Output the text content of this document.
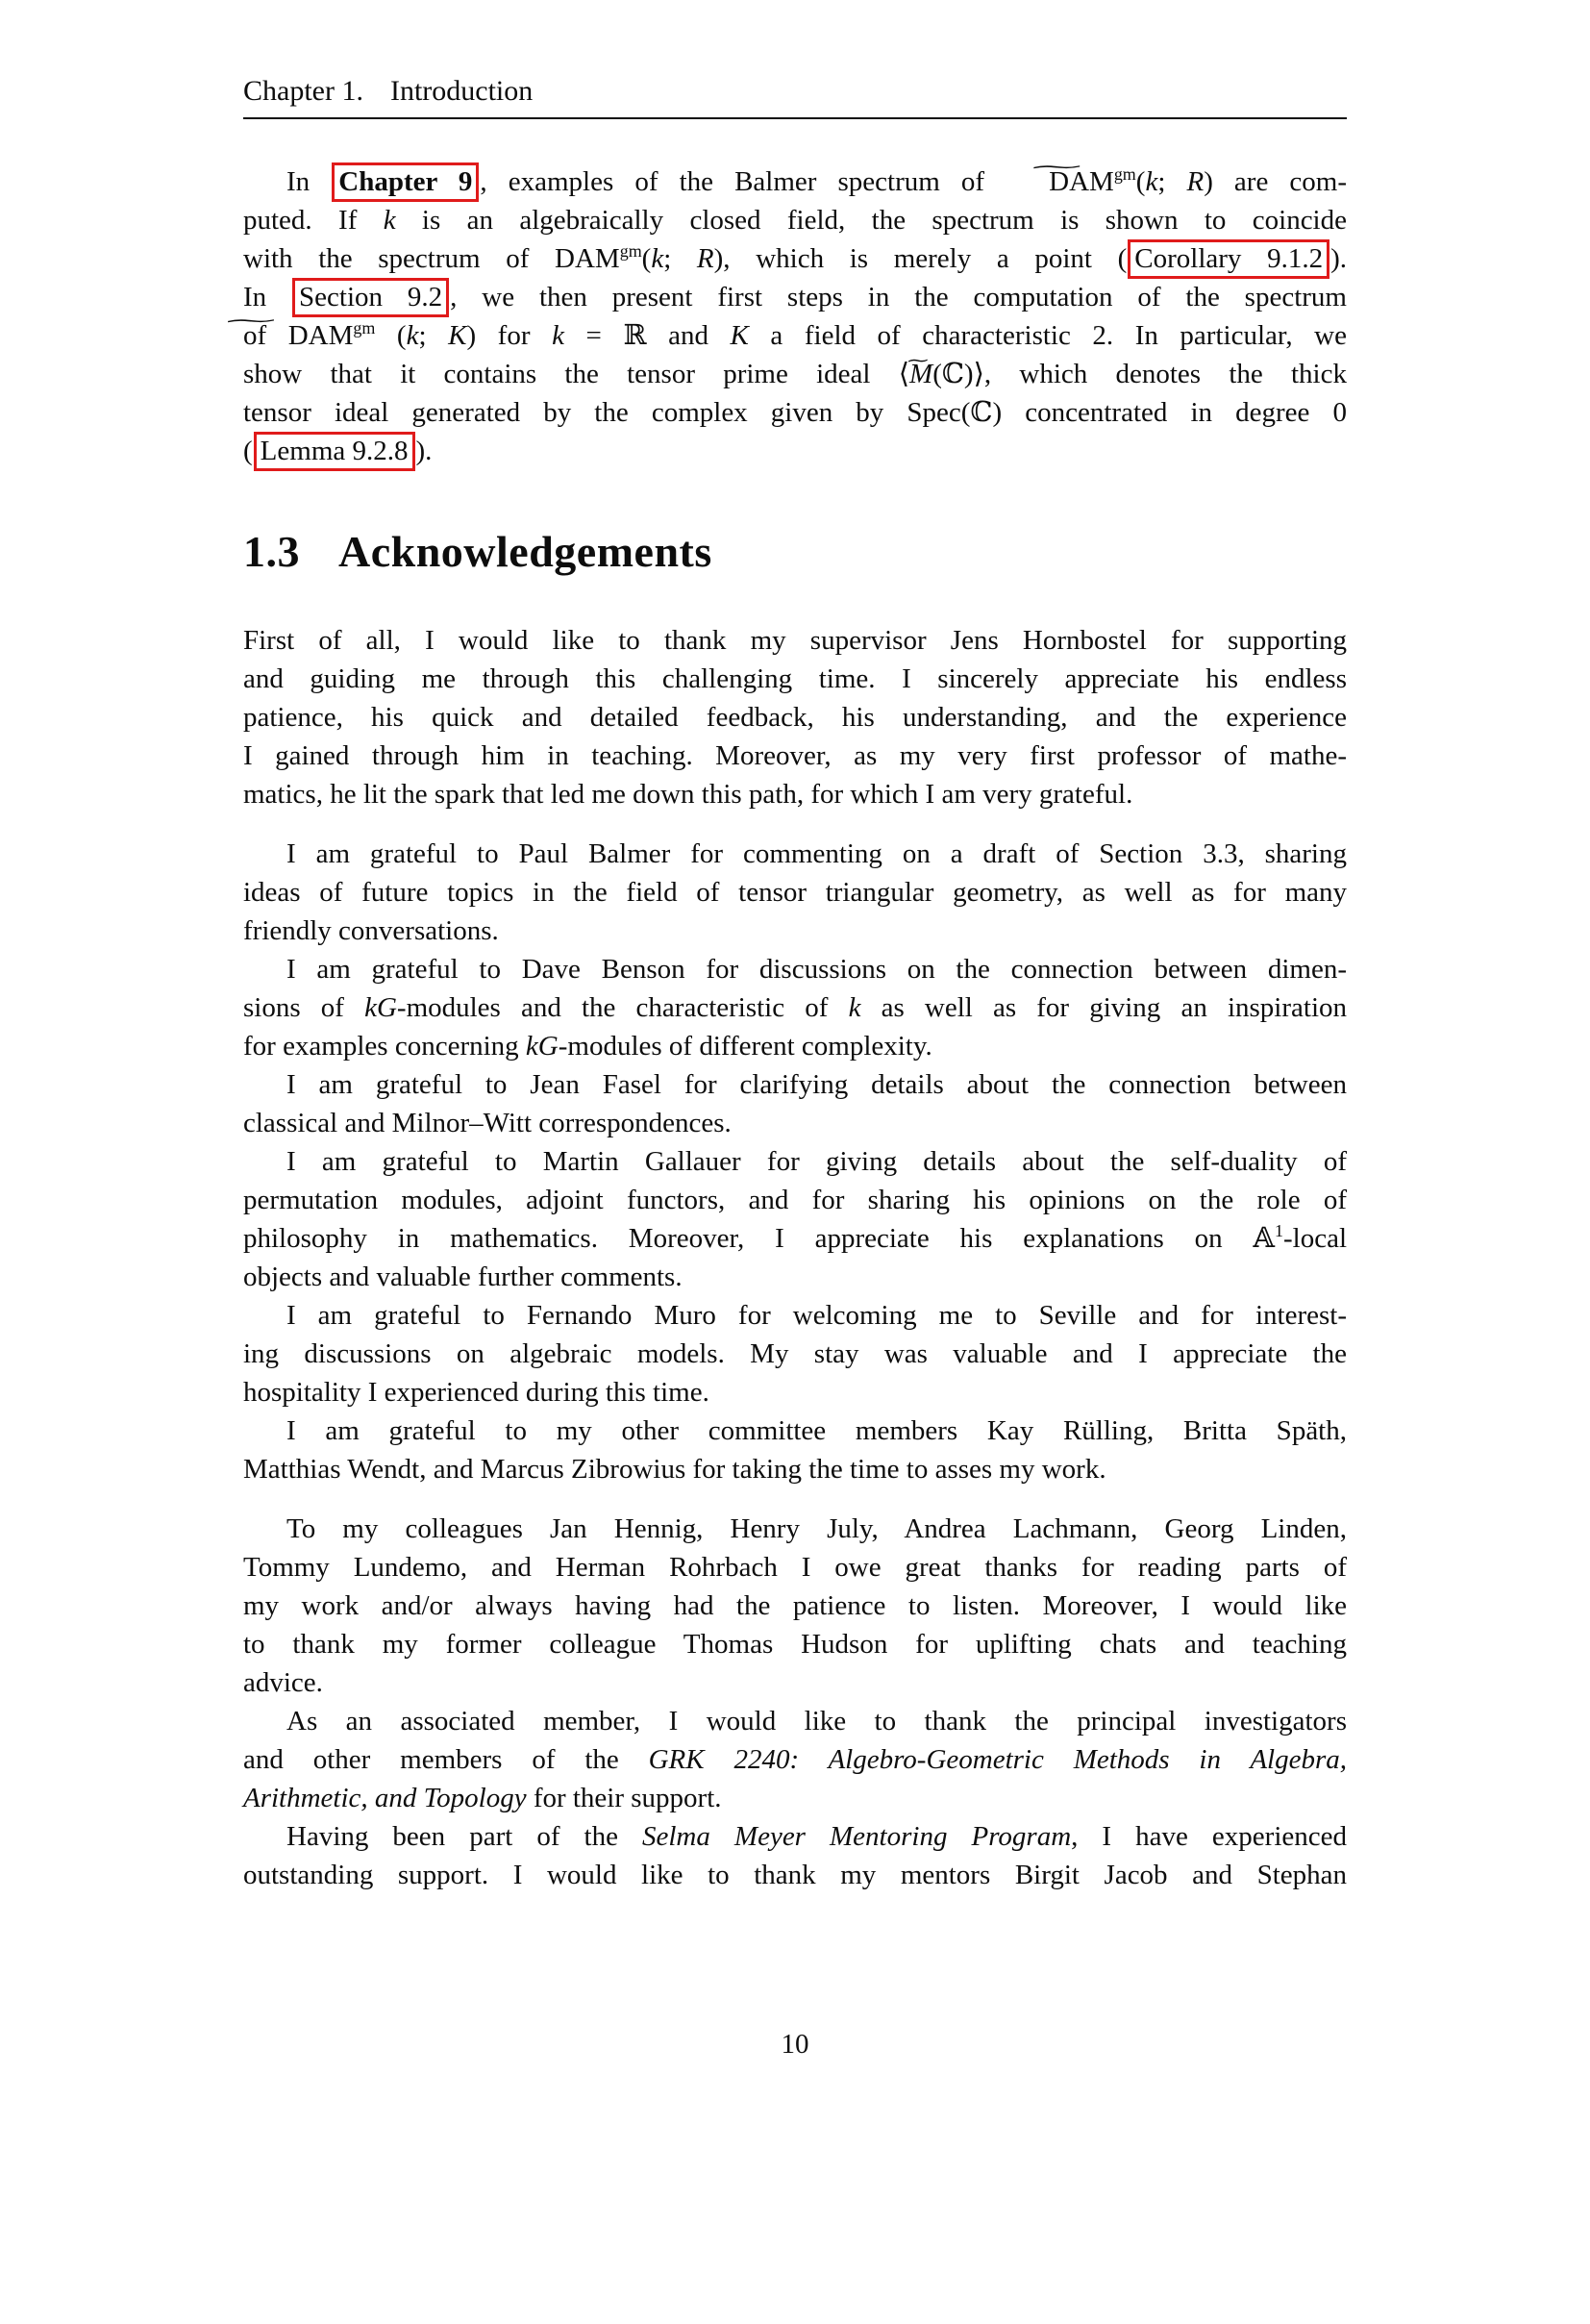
Chapter 1. Introduction
In Chapter 9 , examples of the Balmer spectrum of ∼ $DAM^{gm}(k$; R) are com-
puted. If k is an algebraically closed field, the spectrum is shown to coincide
with the spectrum of $DAM^{gm}(k$; R), which is merely a point ( Corollary 9.1.2 ).
In Section 9.2 , we then present first steps in the computation of the spectrum
of ∼ $DAM^{gm}$ (k; K) for k = ℝ and K a field of characteristic 2. In particular, we
show that it contains the tensor prime ideal ⟨∼ M(ℂ)⟩, which denotes the thick
tensor ideal generated by the complex given by Spec(ℂ) concentrated in degree 0
( Lemma 9.2.8 ).
1.3 Acknowledgements
First of all, I would like to thank my supervisor Jens Hornbostel for supporting
and guiding me through this challenging time. I sincerely appreciate his endless
patience, his quick and detailed feedback, his understanding, and the experience
I gained through him in teaching. Moreover, as my very first professor of mathe-
matics, he lit the spark that led me down this path, for which I am very grateful.
I am grateful to Paul Balmer for commenting on a draft of Section 3.3, sharing
ideas of future topics in the field of tensor triangular geometry, as well as for many
friendly conversations.
I am grateful to Dave Benson for discussions on the connection between dimen-
sions of kG-modules and the characteristic of k as well as for giving an inspiration
for examples concerning kG-modules of different complexity.
I am grateful to Jean Fasel for clarifying details about the connection between
classical and Milnor–Witt correspondences.
I am grateful to Martin Gallauer for giving details about the self-duality of
permutation modules, adjoint functors, and for sharing his opinions on the role of
philosophy in mathematics. Moreover, I appreciate his explanations on 𝔸$^1$-local
objects and valuable further comments.
I am grateful to Fernando Muro for welcoming me to Seville and for interest-
ing discussions on algebraic models. My stay was valuable and I appreciate the
hospitality I experienced during this time.
I am grateful to my other committee members Kay Rülling, Britta Späth,
Matthias Wendt, and Marcus Zibrowius for taking the time to asses my work.
To my colleagues Jan Hennig, Henry July, Andrea Lachmann, Georg Linden,
Tommy Lundemo, and Herman Rohrbach I owe great thanks for reading parts of
my work and/or always having had the patience to listen. Moreover, I would like
to thank my former colleague Thomas Hudson for uplifting chats and teaching
advice.
As an associated member, I would like to thank the principal investigators
and other members of the GRK 2240: Algebro-Geometric Methods in Algebra,
Arithmetic, and Topology for their support.
Having been part of the Selma Meyer Mentoring Program, I have experienced
outstanding support. I would like to thank my mentors Birgit Jacob and Stephan
10
